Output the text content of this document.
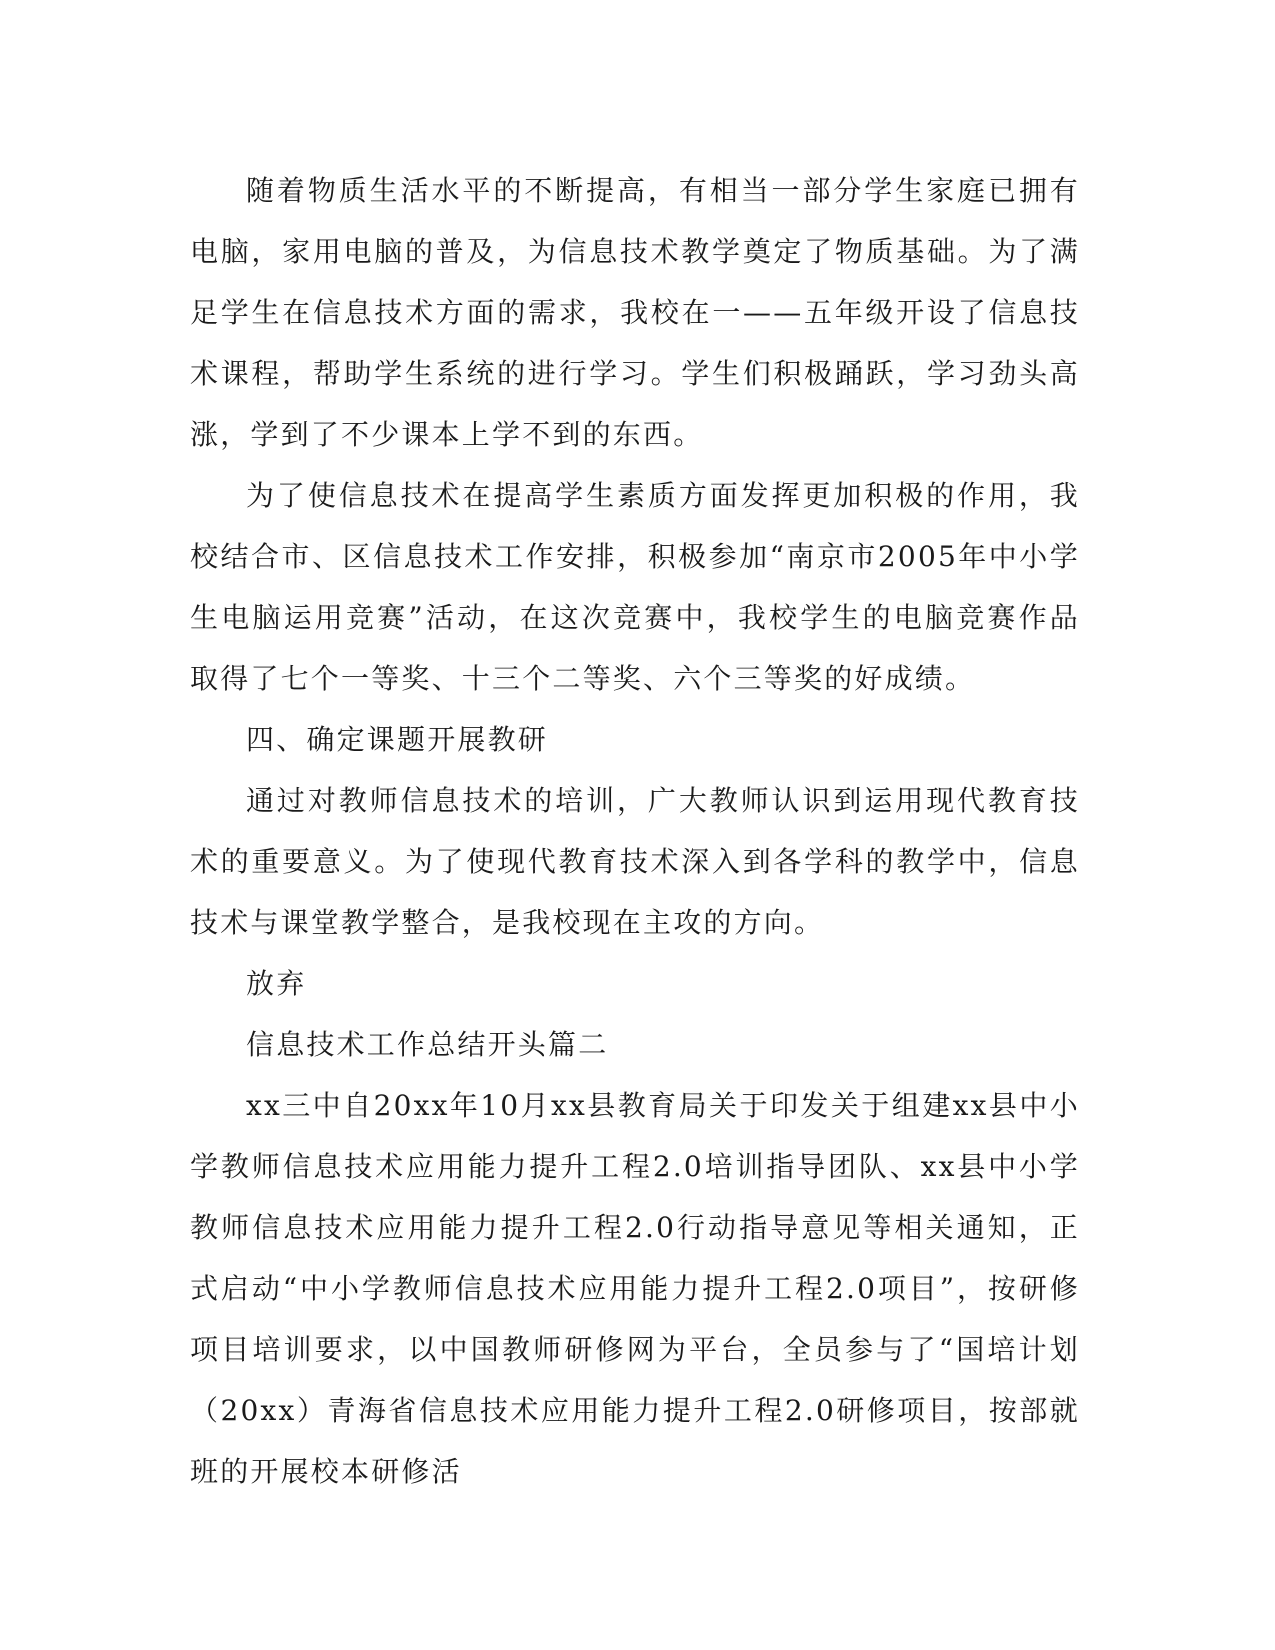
随着物质生活水平的不断提高，有相当一部分学生家庭已拥有电脑，家用电脑的普及，为信息技术教学奠定了物质基础。为了满足学生在信息技术方面的需求，我校在一——五年级开设了信息技术课程，帮助学生系统的进行学习。学生们积极踊跃，学习劲头高涨，学到了不少课本上学不到的东西。

为了使信息技术在提高学生素质方面发挥更加积极的作用，我校结合市、区信息技术工作安排，积极参加“南京市2005年中小学生电脑运用竞赛”活动，在这次竞赛中，我校学生的电脑竞赛作品取得了七个一等奖、十三个二等奖、六个三等奖的好成绩。

四、确定课题开展教研

通过对教师信息技术的培训，广大教师认识到运用现代教育技术的重要意义。为了使现代教育技术深入到各学科的教学中，信息技术与课堂教学整合，是我校现在主攻的方向。

放弃

信息技术工作总结开头篇二

xx三中自20xx年10月xx县教育局关于印发关于组建xx县中小学教师信息技术应用能力提升工程2.0培训指导团队、xx县中小学教师信息技术应用能力提升工程2.0行动指导意见等相关通知，正式启动“中小学教师信息技术应用能力提升工程2.0项目”，按研修项目培训要求，以中国教师研修网为平台，全员参与了“国培计划（20xx）青海省信息技术应用能力提升工程2.0研修项目，按部就班的开展校本研修活
